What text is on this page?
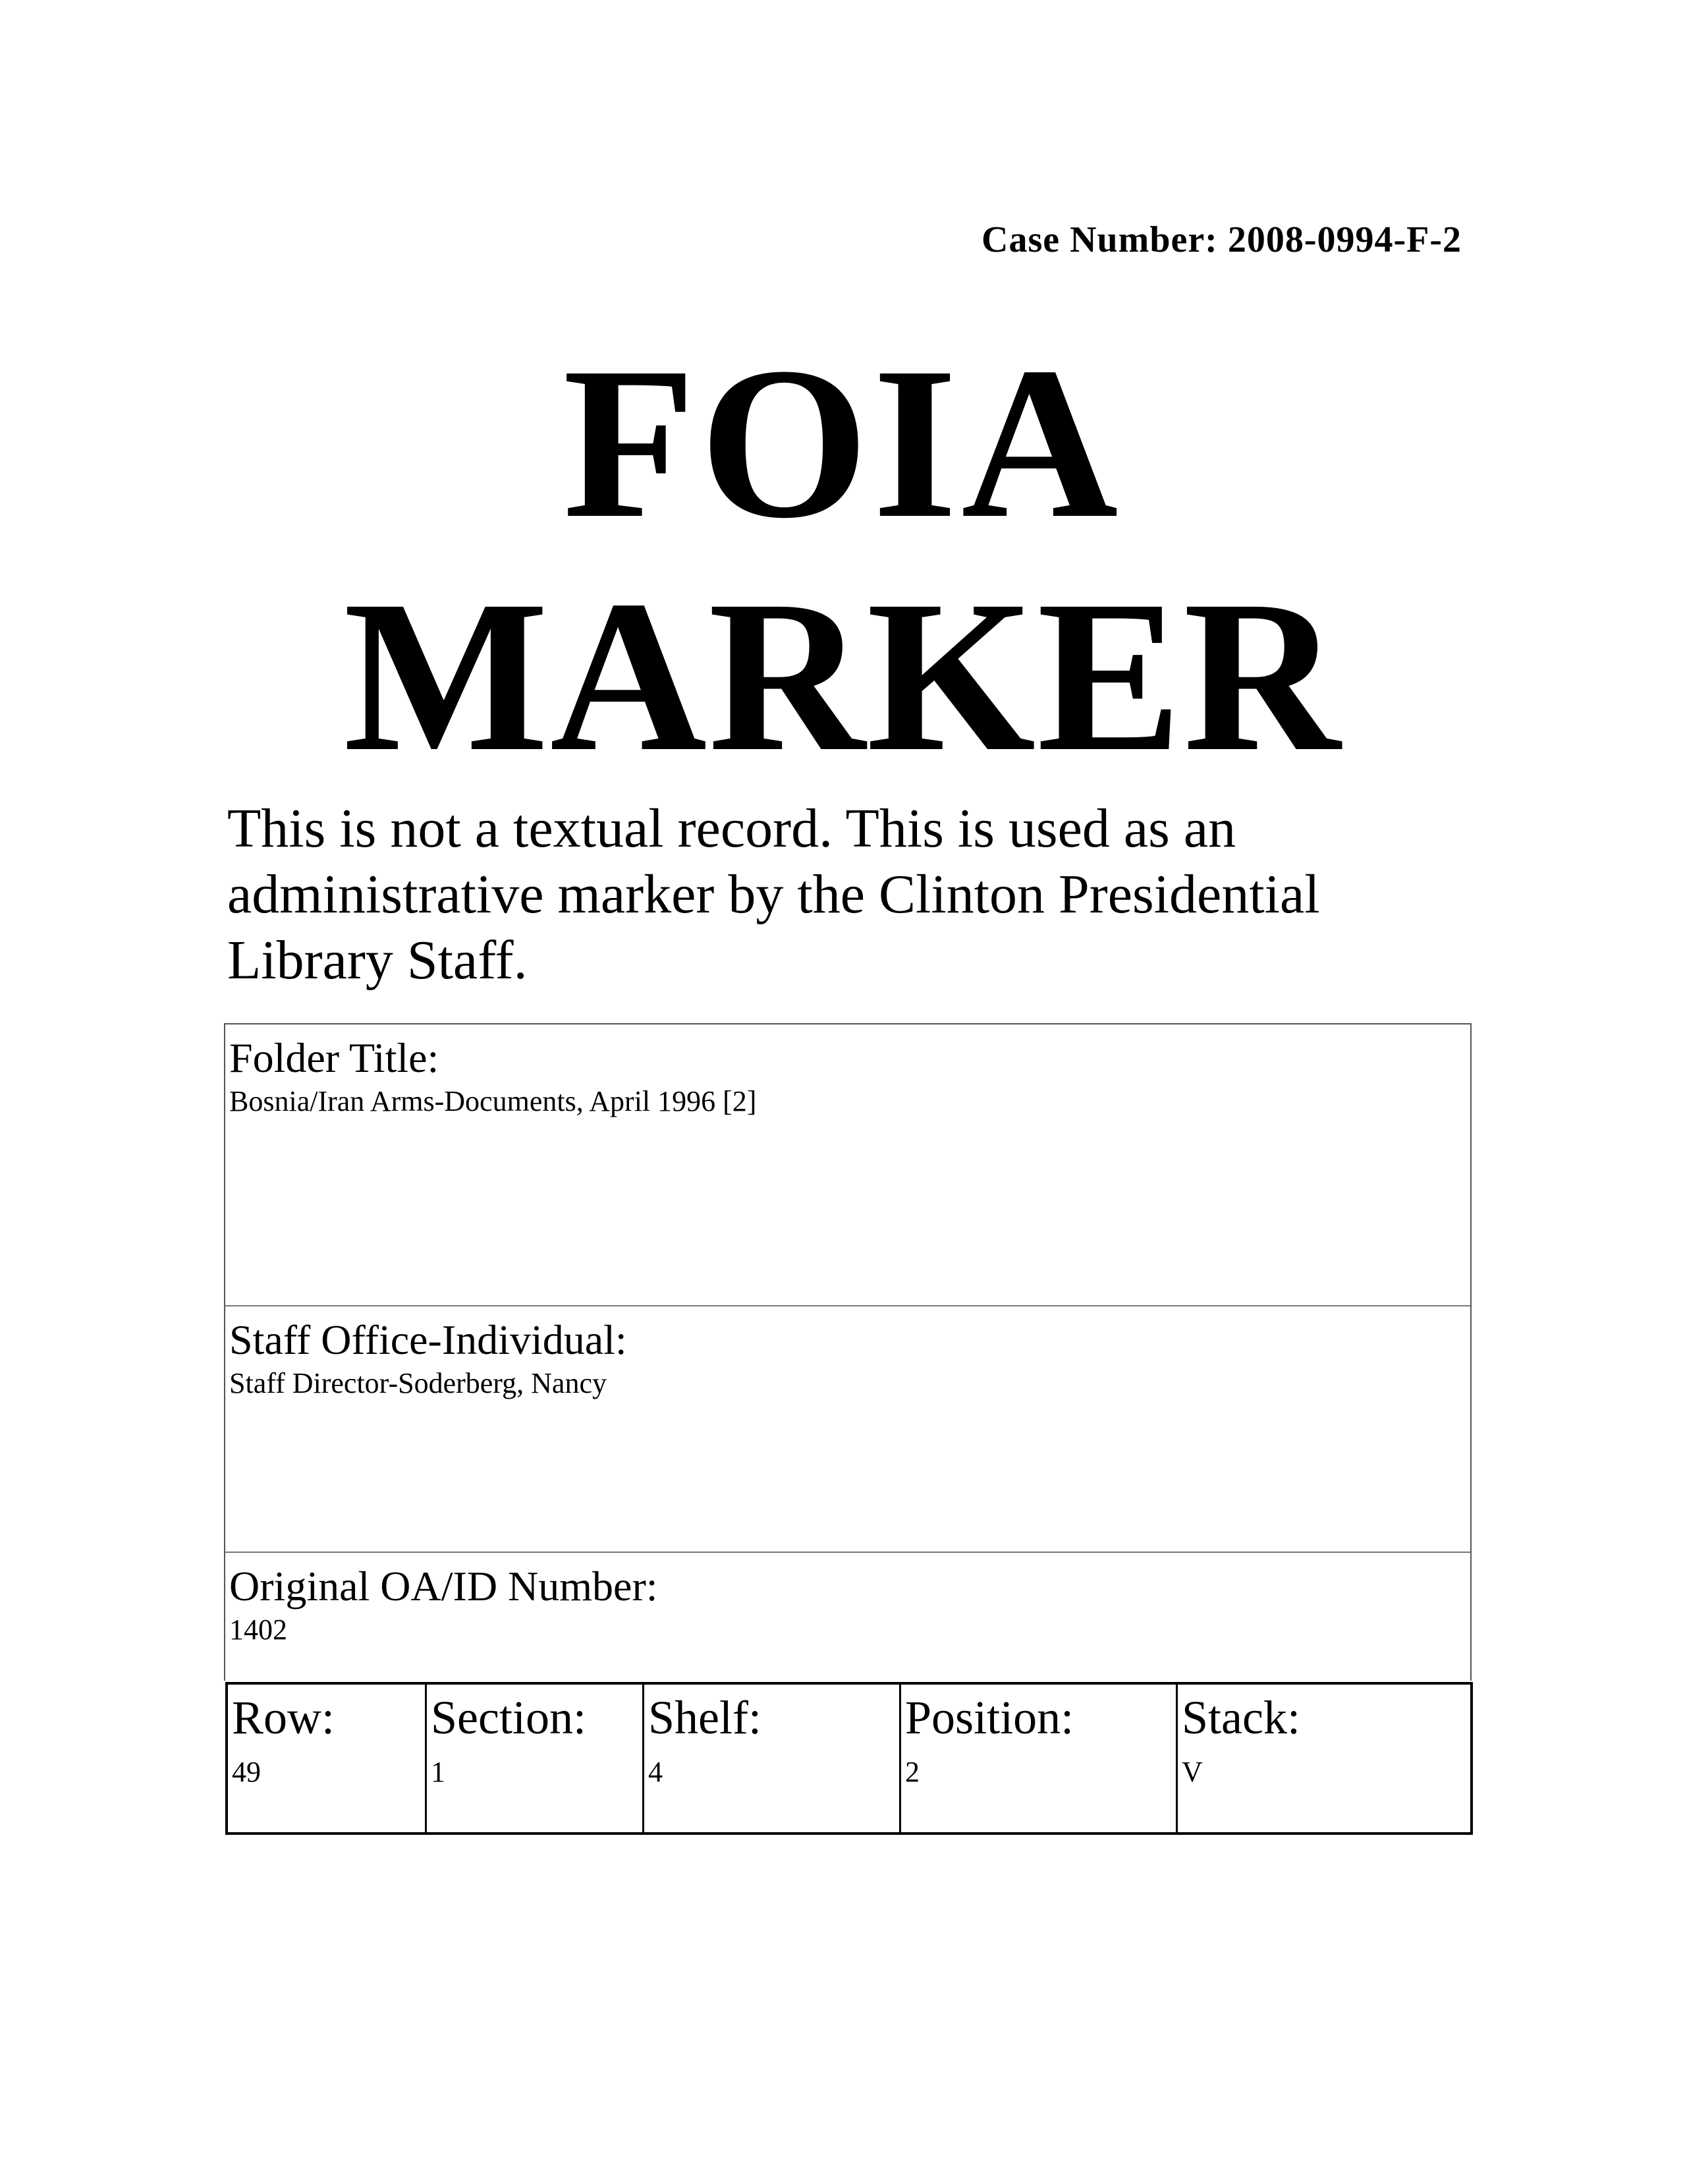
Case Number: 2008-0994-F-2
FOIA
MARKER
This is not a textual record. This is used as an administrative marker by the Clinton Presidential Library Staff.
Folder Title:
Bosnia/Iran Arms-Documents, April 1996 [2]
Staff Office-Individual:
Staff Director-Soderberg, Nancy
Original OA/ID Number:
1402
Row:
49
Section:
1
Shelf:
4
Position:
2
Stack:
V
